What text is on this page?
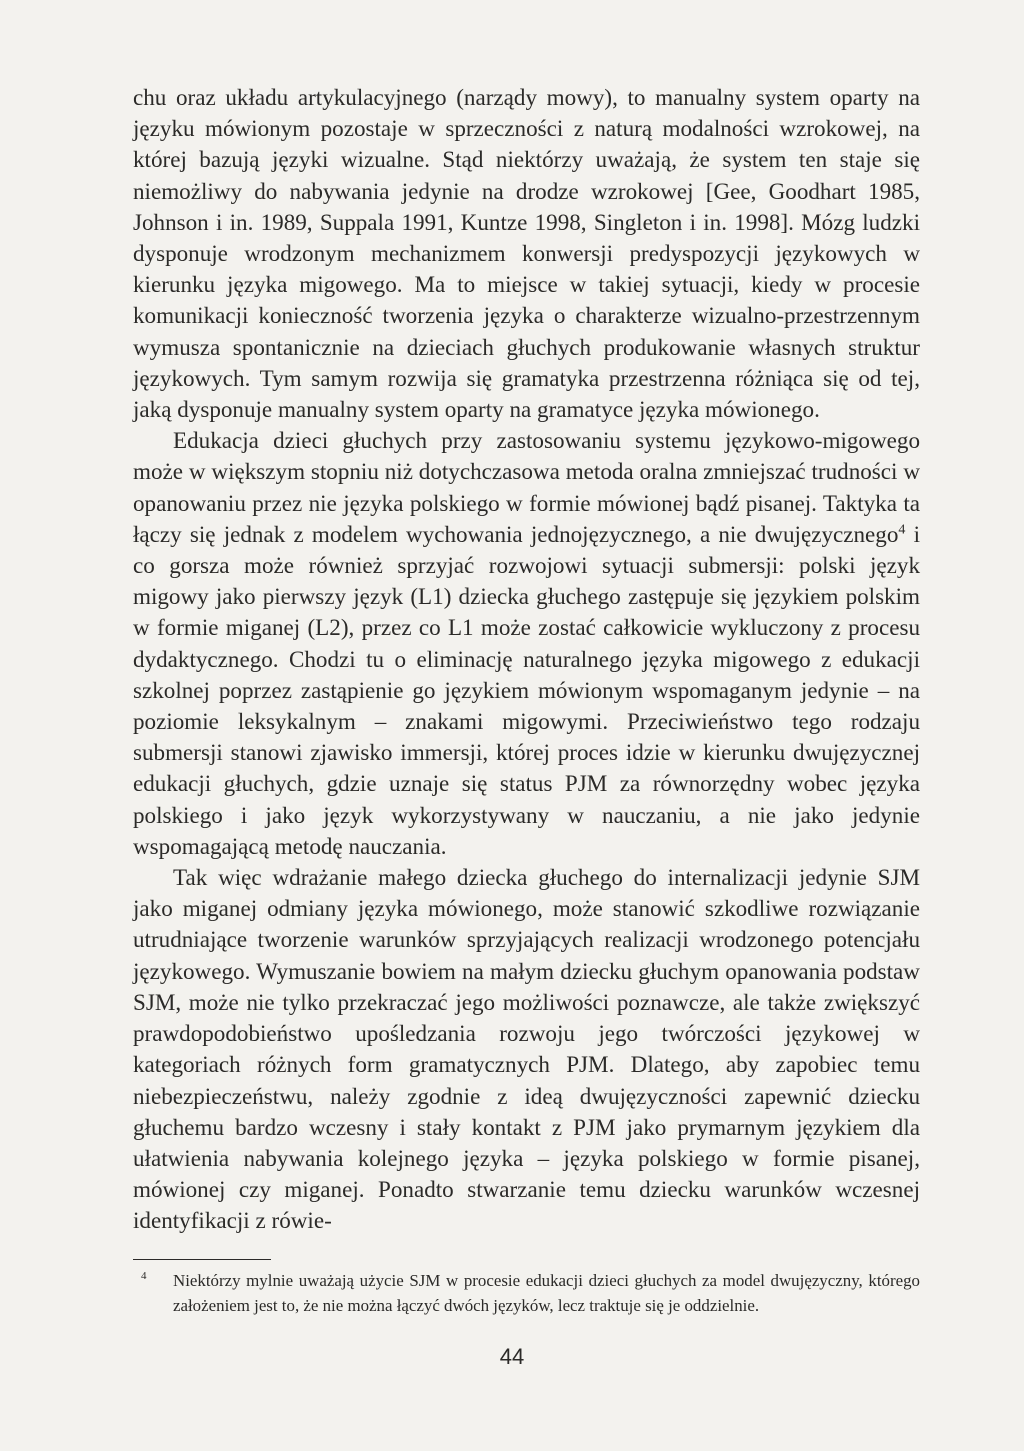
chu oraz układu artykulacyjnego (narządy mowy), to manualny system oparty na języku mówionym pozostaje w sprzeczności z naturą modalności wzrokowej, na której bazują języki wizualne. Stąd niektórzy uważają, że system ten staje się niemożliwy do nabywania jedynie na drodze wzrokowej [Gee, Goodhart 1985, Johnson i in. 1989, Suppala 1991, Kuntze 1998, Singleton i in. 1998]. Mózg ludzki dysponuje wrodzonym mechanizmem konwersji predyspozycji językowych w kierunku języka migowego. Ma to miejsce w takiej sytuacji, kiedy w procesie komunikacji konieczność tworzenia języka o charakterze wizualno-przestrzennym wymusza spontanicznie na dzieciach głuchych produkowanie własnych struktur językowych. Tym samym rozwija się gramatyka przestrzenna różniąca się od tej, jaką dysponuje manualny system oparty na gramatyce języka mówionego.

Edukacja dzieci głuchych przy zastosowaniu systemu językowo-migowego może w większym stopniu niż dotychczasowa metoda oralna zmniejszać trudności w opanowaniu przez nie języka polskiego w formie mówionej bądź pisanej. Taktyka ta łączy się jednak z modelem wychowania jednojęzycznego, a nie dwujęzycznego$^4$ i co gorsza może również sprzyjać rozwojowi sytuacji submersji: polski język migowy jako pierwszy język (L1) dziecka głuchego zastępuje się językiem polskim w formie miganej (L2), przez co L1 może zostać całkowicie wykluczony z procesu dydaktycznego. Chodzi tu o eliminację naturalnego języka migowego z edukacji szkolnej poprzez zastąpienie go językiem mówionym wspomaganym jedynie – na poziomie leksykalnym – znakami migowymi. Przeciwieństwo tego rodzaju submersji stanowi zjawisko immersji, której proces idzie w kierunku dwujęzycznej edukacji głuchych, gdzie uznaje się status PJM za równorzędny wobec języka polskiego i jako język wykorzystywany w nauczaniu, a nie jako jedynie wspomagającą metodę nauczania.

Tak więc wdrażanie małego dziecka głuchego do internalizacji jedynie SJM jako miganej odmiany języka mówionego, może stanowić szkodliwe rozwiązanie utrudniające tworzenie warunków sprzyjających realizacji wrodzonego potencjału językowego. Wymuszanie bowiem na małym dziecku głuchym opanowania podstaw SJM, może nie tylko przekraczać jego możliwości poznawcze, ale także zwiększyć prawdopodobieństwo upośledzania rozwoju jego twórczości językowej w kategoriach różnych form gramatycznych PJM. Dlatego, aby zapobiec temu niebezpieczeństwu, należy zgodnie z ideą dwujęzyczności zapewnić dziecku głuchemu bardzo wczesny i stały kontakt z PJM jako prymarnym językiem dla ułatwienia nabywania kolejnego języka – języka polskiego w formie pisanej, mówionej czy miganej. Ponadto stwarzanie temu dziecku warunków wczesnej identyfikacji z rówie-

4	Niektórzy mylnie uważają użycie SJM w procesie edukacji dzieci głuchych za model dwujęzyczny, którego założeniem jest to, że nie można łączyć dwóch języków, lecz traktuje się je oddzielnie.
44
